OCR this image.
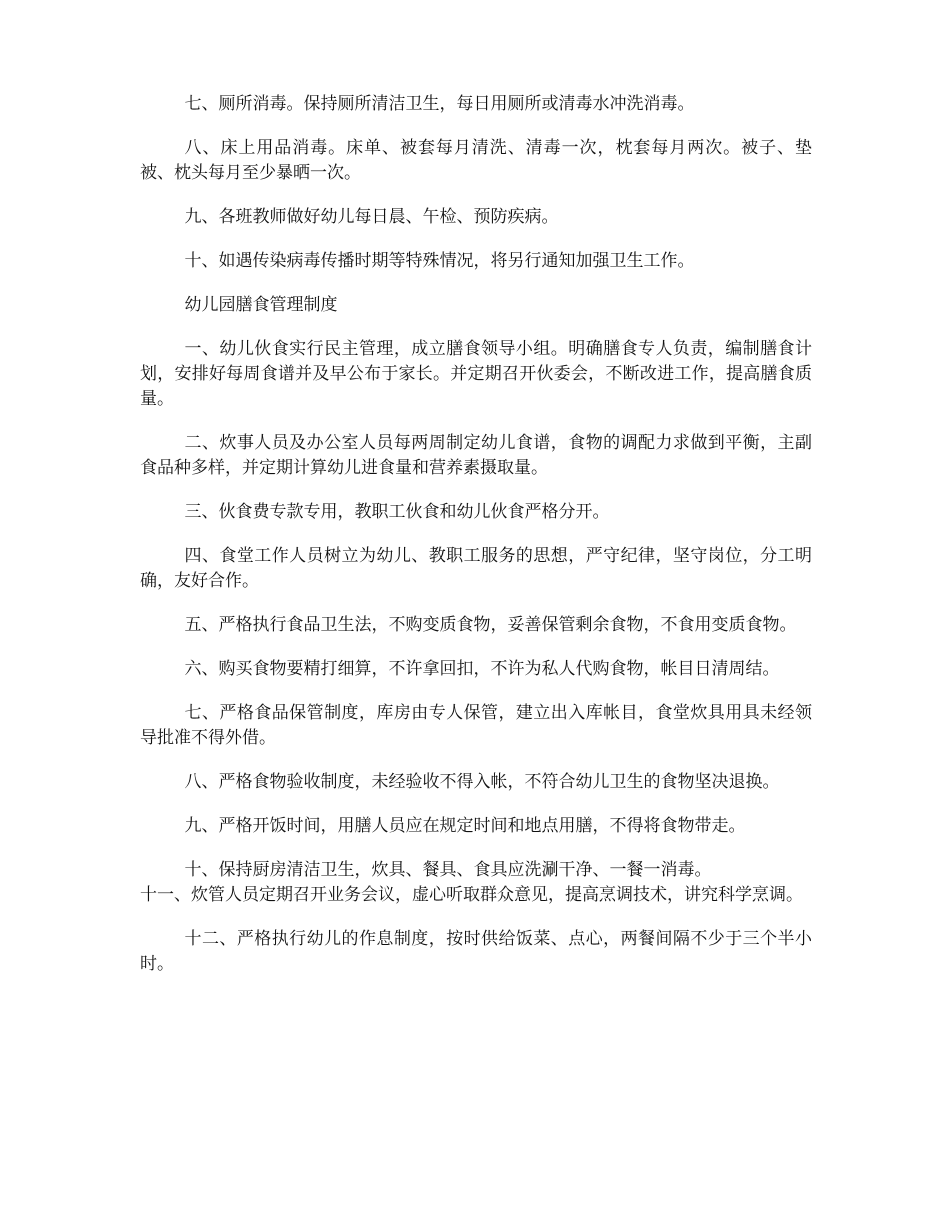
七、厕所消毒。保持厕所清洁卫生，每日用厕所或清毒水冲洗消毒。

八、床上用品消毒。床单、被套每月清洗、清毒一次，枕套每月两次。被子、垫被、枕头每月至少暴晒一次。

九、各班教师做好幼儿每日晨、午检、预防疾病。

十、如遇传染病毒传播时期等特殊情况，将另行通知加强卫生工作。

幼儿园膳食管理制度

一、幼儿伙食实行民主管理，成立膳食领导小组。明确膳食专人负责，编制膳食计划，安排好每周食谱并及早公布于家长。并定期召开伙委会，不断改进工作，提高膳食质量。

二、炊事人员及办公室人员每两周制定幼儿食谱，食物的调配力求做到平衡，主副食品种多样，并定期计算幼儿进食量和营养素摄取量。

三、伙食费专款专用，教职工伙食和幼儿伙食严格分开。

四、食堂工作人员树立为幼儿、教职工服务的思想，严守纪律，坚守岗位，分工明确，友好合作。

五、严格执行食品卫生法，不购变质食物，妥善保管剩余食物，不食用变质食物。

六、购买食物要精打细算，不许拿回扣，不许为私人代购食物，帐目日清周结。

七、严格食品保管制度，库房由专人保管，建立出入库帐目，食堂炊具用具未经领导批准不得外借。

八、严格食物验收制度，未经验收不得入帐，不符合幼儿卫生的食物坚决退换。

九、严格开饭时间，用膳人员应在规定时间和地点用膳，不得将食物带走。

十、保持厨房清洁卫生，炊具、餐具、食具应洗涮干净、一餐一消毒。
十一、炊管人员定期召开业务会议，虚心听取群众意见，提高烹调技术，讲究科学烹调。

十二、严格执行幼儿的作息制度，按时供给饭菜、点心，两餐间隔不少于三个半小时。
